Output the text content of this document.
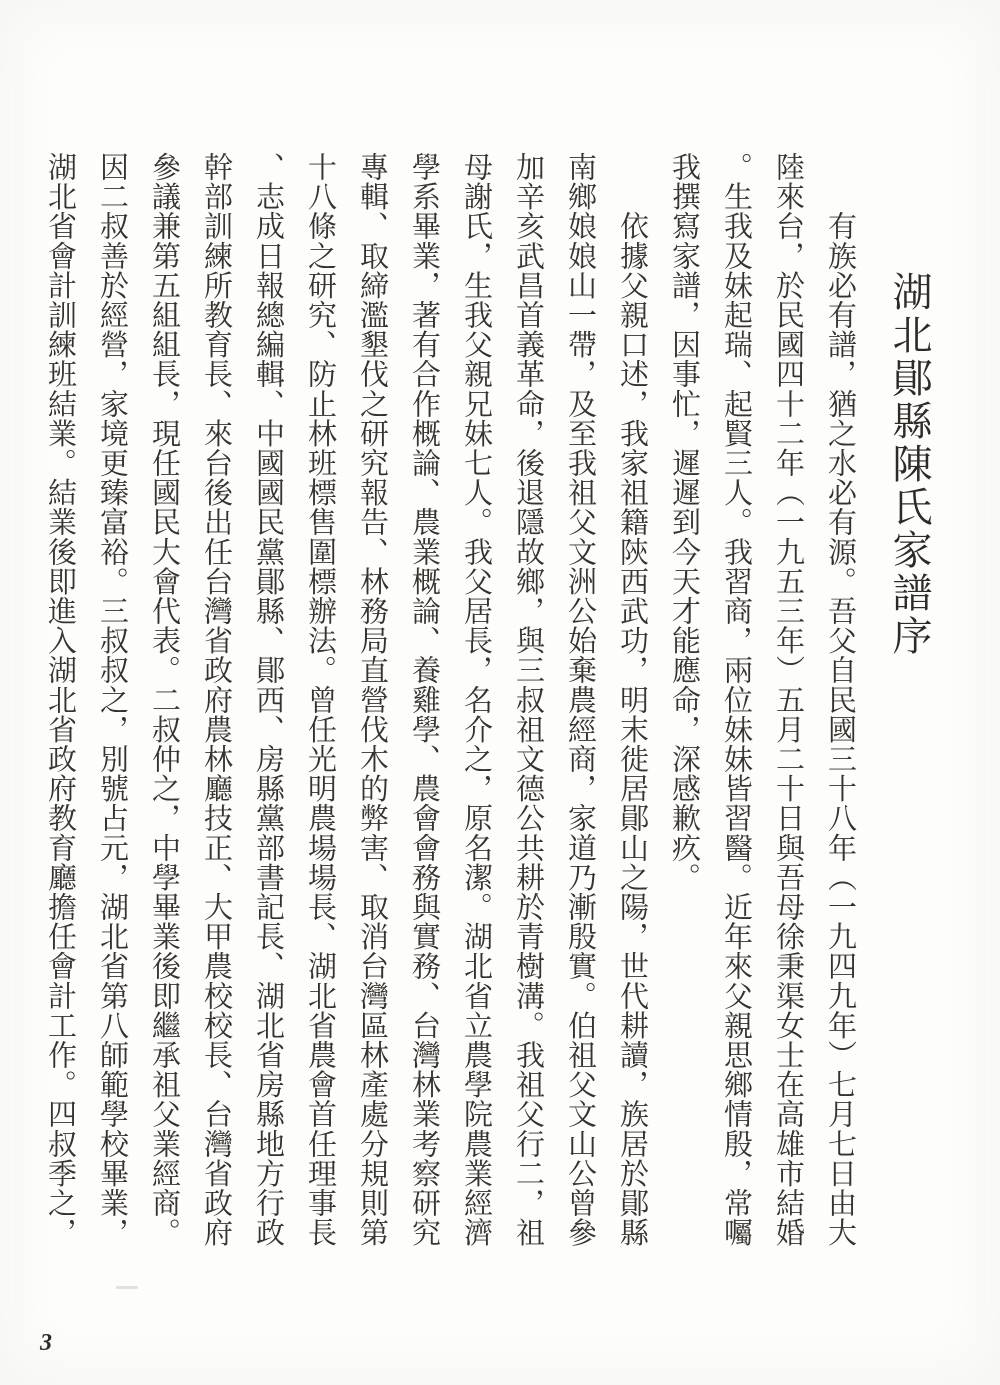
湖北鄖縣陳氏家譜序
　　有族必有譜，猶之水必有源。吾父自民國三十八年（一九四九年）七月七日由大
陸來台，於民國四十二年（一九五三年）五月二十日與吾母徐秉渠女士在高雄市結婚
。生我及妹起瑞、起賢三人。我習商，兩位妹妹皆習醫。近年來父親思鄉情殷，常囑
我撰寫家譜，因事忙，遲遲到今天才能應命，深感歉疚。
　　依據父親口述，我家祖籍陝西武功，明末徙居鄖山之陽，世代耕讀，族居於鄖縣
南鄉娘娘山一帶，及至我祖父文洲公始棄農經商，家道乃漸殷實。伯祖父文山公曾參
加辛亥武昌首義革命，後退隱故鄉，與三叔祖文德公共耕於青樹溝。我祖父行二，祖
母謝氏，生我父親兄妹七人。我父居長，名介之，原名潔。湖北省立農學院農業經濟
學系畢業，著有合作概論、農業概論、養雞學、農會會務與實務、台灣林業考察研究
專輯、取締濫墾伐之研究報告、林務局直營伐木的弊害、取消台灣區林產處分規則第
十八條之研究、防止林班標售圍標辦法。曾任光明農場場長、湖北省農會首任理事長
、志成日報總編輯、中國國民黨鄖縣、鄖西、房縣黨部書記長、湖北省房縣地方行政
幹部訓練所教育長、來台後出任台灣省政府農林廳技正、大甲農校校長、台灣省政府
參議兼第五組組長，現任國民大會代表。二叔仲之，中學畢業後即繼承祖父業經商。
因二叔善於經營，家境更臻富裕。三叔叔之，別號占元，湖北省第八師範學校畢業，
湖北省會計訓練班結業。結業後即進入湖北省政府教育廳擔任會計工作。四叔季之，
3
